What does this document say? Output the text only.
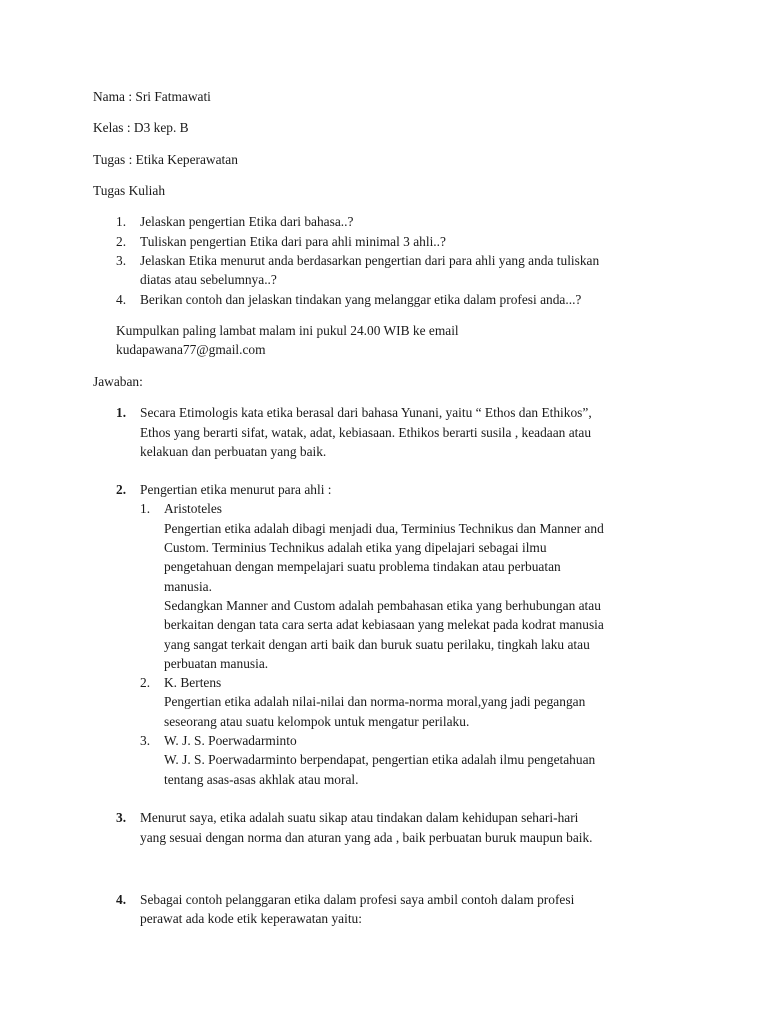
Nama : Sri Fatmawati
Kelas : D3 kep. B
Tugas : Etika Keperawatan
Tugas Kuliah
1. Jelaskan pengertian Etika dari bahasa..?
2. Tuliskan pengertian Etika dari para ahli minimal 3 ahli..?
3. Jelaskan Etika menurut anda berdasarkan pengertian dari para ahli yang anda tuliskan
diatas atau sebelumnya..?
4. Berikan contoh dan jelaskan tindakan yang melanggar etika dalam profesi anda...?
Kumpulkan paling lambat malam ini pukul 24.00 WIB ke email
kudapawana77@gmail.com
Jawaban:
1. Secara Etimologis kata etika berasal dari bahasa Yunani, yaitu “ Ethos dan Ethikos”,
Ethos yang berarti sifat, watak, adat, kebiasaan. Ethikos berarti susila , keadaan atau
kelakuan dan perbuatan yang baik.
2. Pengertian etika menurut para ahli :
1. Aristoteles
Pengertian etika adalah dibagi menjadi dua, Terminius Technikus dan Manner and
Custom. Terminius Technikus adalah etika yang dipelajari sebagai ilmu
pengetahuan dengan mempelajari suatu problema tindakan atau perbuatan
manusia.
Sedangkan Manner and Custom adalah pembahasan etika yang berhubungan atau
berkaitan dengan tata cara serta adat kebiasaan yang melekat pada kodrat manusia
yang sangat terkait dengan arti baik dan buruk suatu perilaku, tingkah laku atau
perbuatan manusia.
2. K. Bertens
Pengertian etika adalah nilai-nilai dan norma-norma moral,yang jadi pegangan
seseorang atau suatu kelompok untuk mengatur perilaku.
3. W. J. S. Poerwadarminto
W. J. S. Poerwadarminto berpendapat, pengertian etika adalah ilmu pengetahuan
tentang asas-asas akhlak atau moral.
3. Menurut saya, etika adalah suatu sikap atau tindakan dalam kehidupan sehari-hari
yang sesuai dengan norma dan aturan yang ada , baik perbuatan buruk maupun baik.
4. Sebagai contoh pelanggaran etika dalam profesi saya ambil contoh dalam profesi
perawat ada kode etik keperawatan yaitu:
